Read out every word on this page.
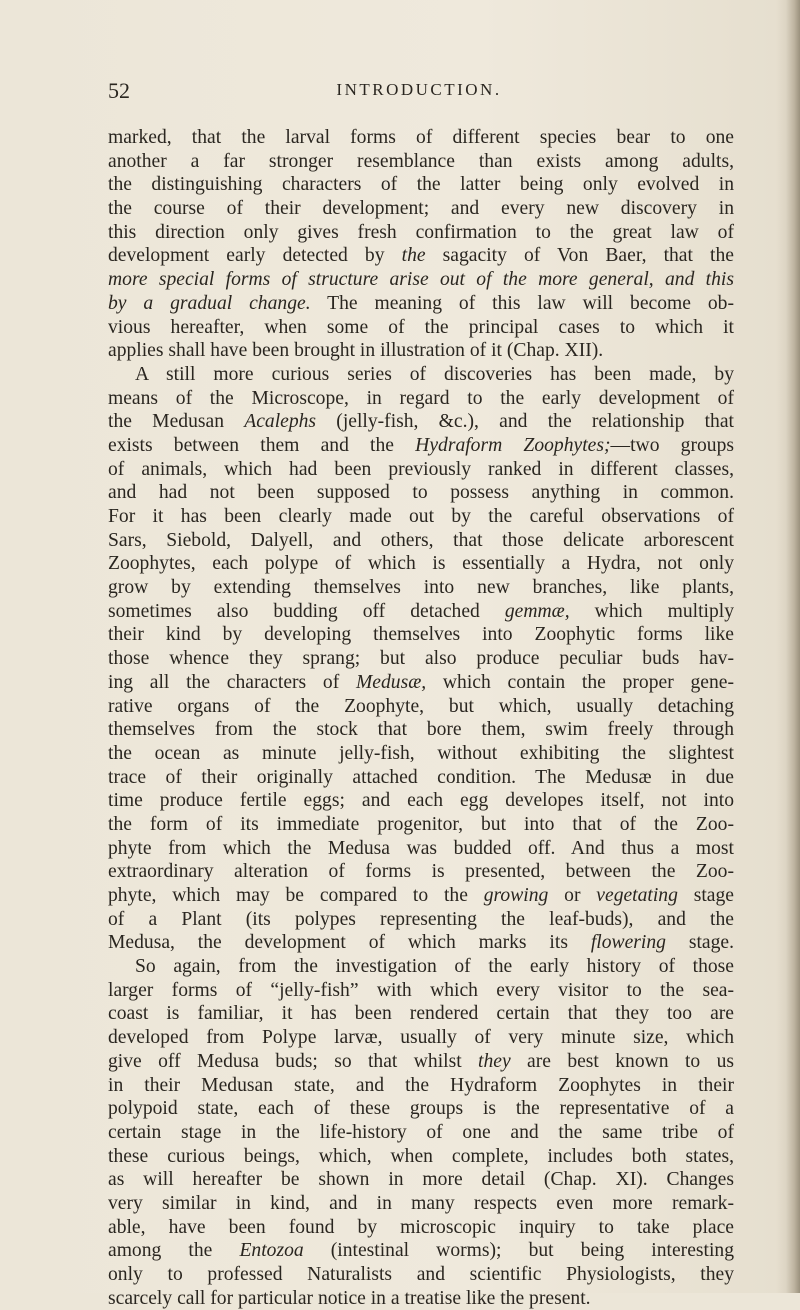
52	INTRODUCTION.
marked, that the larval forms of different species bear to one
another a far stronger resemblance than exists among adults,
the distinguishing characters of the latter being only evolved in
the course of their development; and every new discovery in
this direction only gives fresh confirmation to the great law of
development early detected by the sagacity of Von Baer, that the
more special forms of structure arise out of the more general, and this
by a gradual change. The meaning of this law will become ob-
vious hereafter, when some of the principal cases to which it
applies shall have been brought in illustration of it (Chap. XII).
A still more curious series of discoveries has been made, by
means of the Microscope, in regard to the early development of
the Medusan Acalephs (jelly-fish, &c.), and the relationship that
exists between them and the Hydraform Zoophytes;—two groups
of animals, which had been previously ranked in different classes,
and had not been supposed to possess anything in common.
For it has been clearly made out by the careful observations of
Sars, Siebold, Dalyell, and others, that those delicate arborescent
Zoophytes, each polype of which is essentially a Hydra, not only
grow by extending themselves into new branches, like plants,
sometimes also budding off detached gemmæ, which multiply
their kind by developing themselves into Zoophytic forms like
those whence they sprang; but also produce peculiar buds hav-
ing all the characters of Medusæ, which contain the proper gene-
rative organs of the Zoophyte, but which, usually detaching
themselves from the stock that bore them, swim freely through
the ocean as minute jelly-fish, without exhibiting the slightest
trace of their originally attached condition. The Medusæ in due
time produce fertile eggs; and each egg developes itself, not into
the form of its immediate progenitor, but into that of the Zoo-
phyte from which the Medusa was budded off. And thus a most
extraordinary alteration of forms is presented, between the Zoo-
phyte, which may be compared to the growing or vegetating stage
of a Plant (its polypes representing the leaf-buds), and the
Medusa, the development of which marks its flowering stage.
So again, from the investigation of the early history of those
larger forms of “jelly-fish” with which every visitor to the sea-
coast is familiar, it has been rendered certain that they too are
developed from Polype larvæ, usually of very minute size, which
give off Medusa buds; so that whilst they are best known to us
in their Medusan state, and the Hydraform Zoophytes in their
polypoid state, each of these groups is the representative of a
certain stage in the life-history of one and the same tribe of
these curious beings, which, when complete, includes both states,
as will hereafter be shown in more detail (Chap. XI). Changes
very similar in kind, and in many respects even more remark-
able, have been found by microscopic inquiry to take place
among the Entozoa (intestinal worms); but being interesting
only to professed Naturalists and scientific Physiologists, they
scarcely call for particular notice in a treatise like the present.
